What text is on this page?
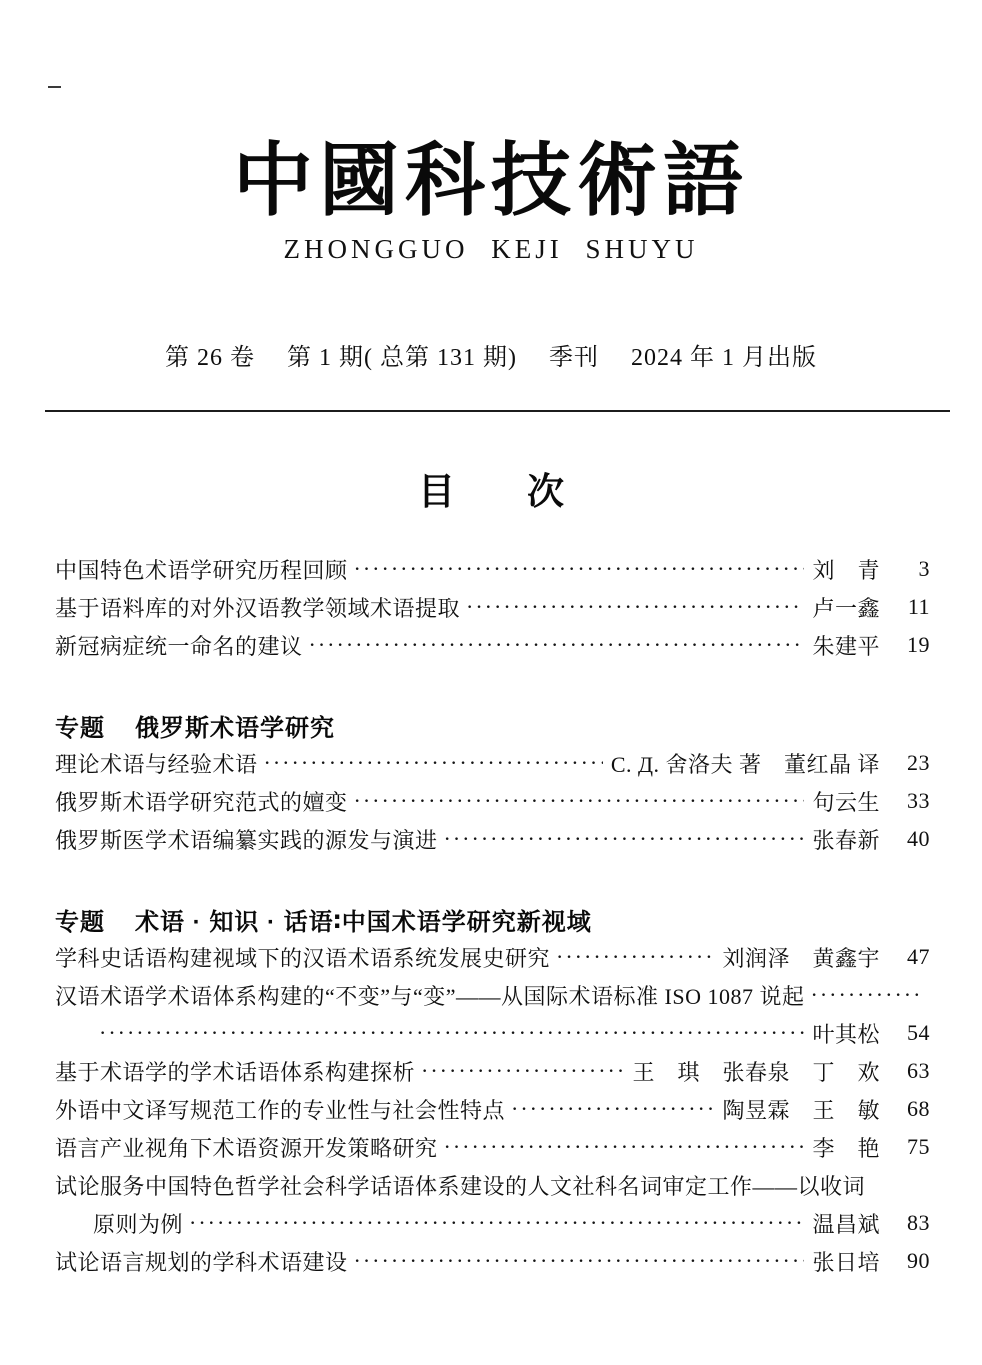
中國科技術語
ZHONGGUO KEJI SHUYU
第 26 卷　 第 1 期( 总第 131 期)　 季刊　 2024 年 1 月出版
目 次
中国特色术语学研究历程回顾 ·····	刘　青	3
基于语料库的对外汉语教学领域术语提取 ·····	卢一鑫	11
新冠病症统一命名的建议 ·····	朱建平	19
专题 俄罗斯术语学研究
理论术语与经验术语 ·····	С. Д. 舍洛夫 著　董红晶 译	23
俄罗斯术语学研究范式的嬗变 ·····	句云生	33
俄罗斯医学术语编纂实践的源发与演进 ·····	张春新	40
专题 术语 · 知识 · 话语∶中国术语学研究新视域
学科史话语构建视域下的汉语术语系统发展史研究 ·····	刘润泽　黄鑫宇	47
汉语术语学术语体系构建的“不变”与“变”——从国际术语标准 ISO 1087 说起
·····
·····
叶其松	54
基于术语学的学术话语体系构建探析 ·····	王　琪　张春泉　丁　欢	63
外语中文译写规范工作的专业性与社会性特点 ·····	陶昱霖　王　敏	68
语言产业视角下术语资源开发策略研究 ·····	李　艳	75
试论服务中国特色哲学社会科学话语体系建设的人文社科名词审定工作——以收词
原则为例 ·····	温昌斌	83
试论语言规划的学科术语建设 ·····	张日培	90
